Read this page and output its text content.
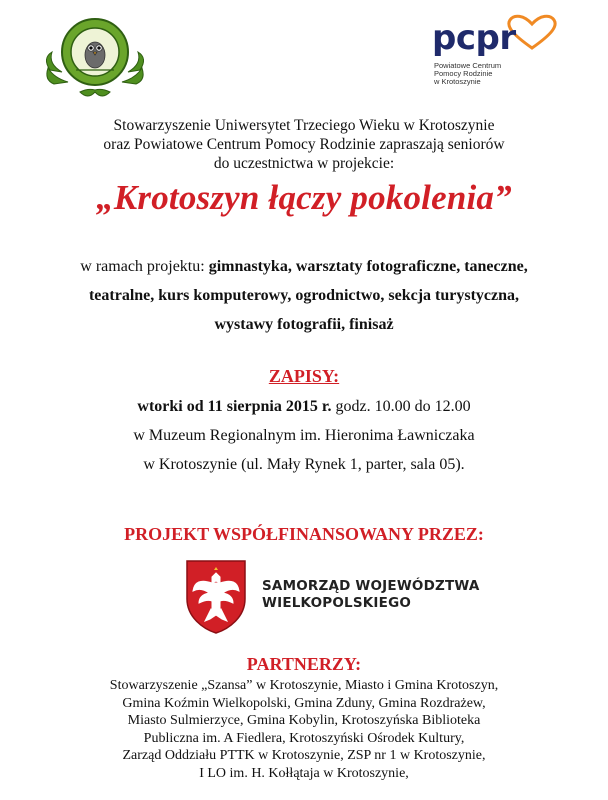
pcpr
Powiatowe Centrum
Pomocy Rodzinie
w Krotoszynie
Stowarzyszenie Uniwersytet Trzeciego Wieku w Krotoszynie
oraz Powiatowe Centrum Pomocy Rodzinie zapraszają seniorów
do uczestnictwa w projekcie:
„Krotoszyn łączy pokolenia”
w ramach projektu: gimnastyka, warsztaty fotograficzne, taneczne,
teatralne, kurs komputerowy, ogrodnictwo, sekcja turystyczna,
wystawy fotografii, finisaż
ZAPISY:
wtorki od 11 sierpnia 2015 r. godz. 10.00 do 12.00
w Muzeum Regionalnym im. Hieronima Ławniczaka
w Krotoszynie (ul. Mały Rynek 1, parter, sala 05).
PROJEKT WSPÓŁFINANSOWANY PRZEZ:
SAMORZĄD WOJEWÓDZTWA
WIELKOPOLSKIEGO
PARTNERZY:
Stowarzyszenie „Szansa” w Krotoszynie, Miasto i Gmina Krotoszyn,
Gmina Koźmin Wielkopolski, Gmina Zduny, Gmina Rozdrażew,
Miasto Sulmierzyce, Gmina Kobylin, Krotoszyńska Biblioteka
Publiczna im. A Fiedlera, Krotoszyński Ośrodek Kultury,
Zarząd Oddziału PTTK w Krotoszynie, ZSP nr 1 w Krotoszynie,
I LO im. H. Kołłątaja w Krotoszynie,
